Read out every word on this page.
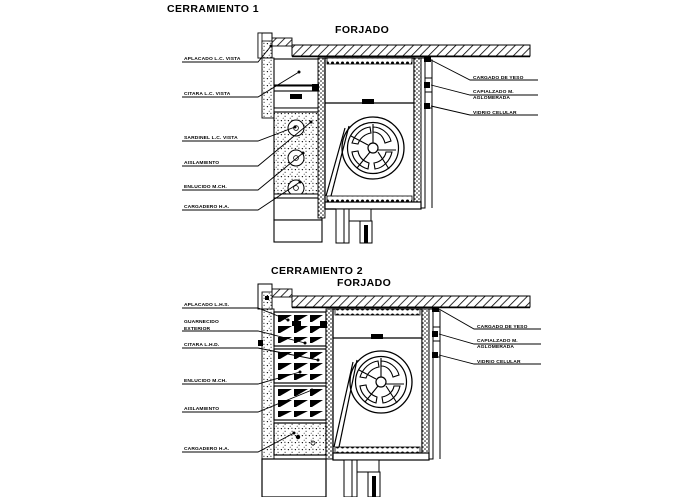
CERRAMIENTO 1
FORJADO
APLACADO L.C. VISTA
CITARA L.C. VISTA
SARDINEL L.C. VISTA
AISLAMIENTO
ENLUCIDO M.CH.
CARGADERO H.A.
CARGADO DE YESO
CAPIALZADO M.
AGLOMERADA
VIDRIO CELULAR
CERRAMIENTO 2
FORJADO
APLACADO L.H.S.
GUARNECIDO
EXTERIOR
CITARA L.H.D.
ENLUCIDO M.CH.
AISLAMIENTO
CARGADERO H.A.
CARGADO DE YESO
CAPIALZADO M.
AGLOMERADA
VIDRIO CELULAR
